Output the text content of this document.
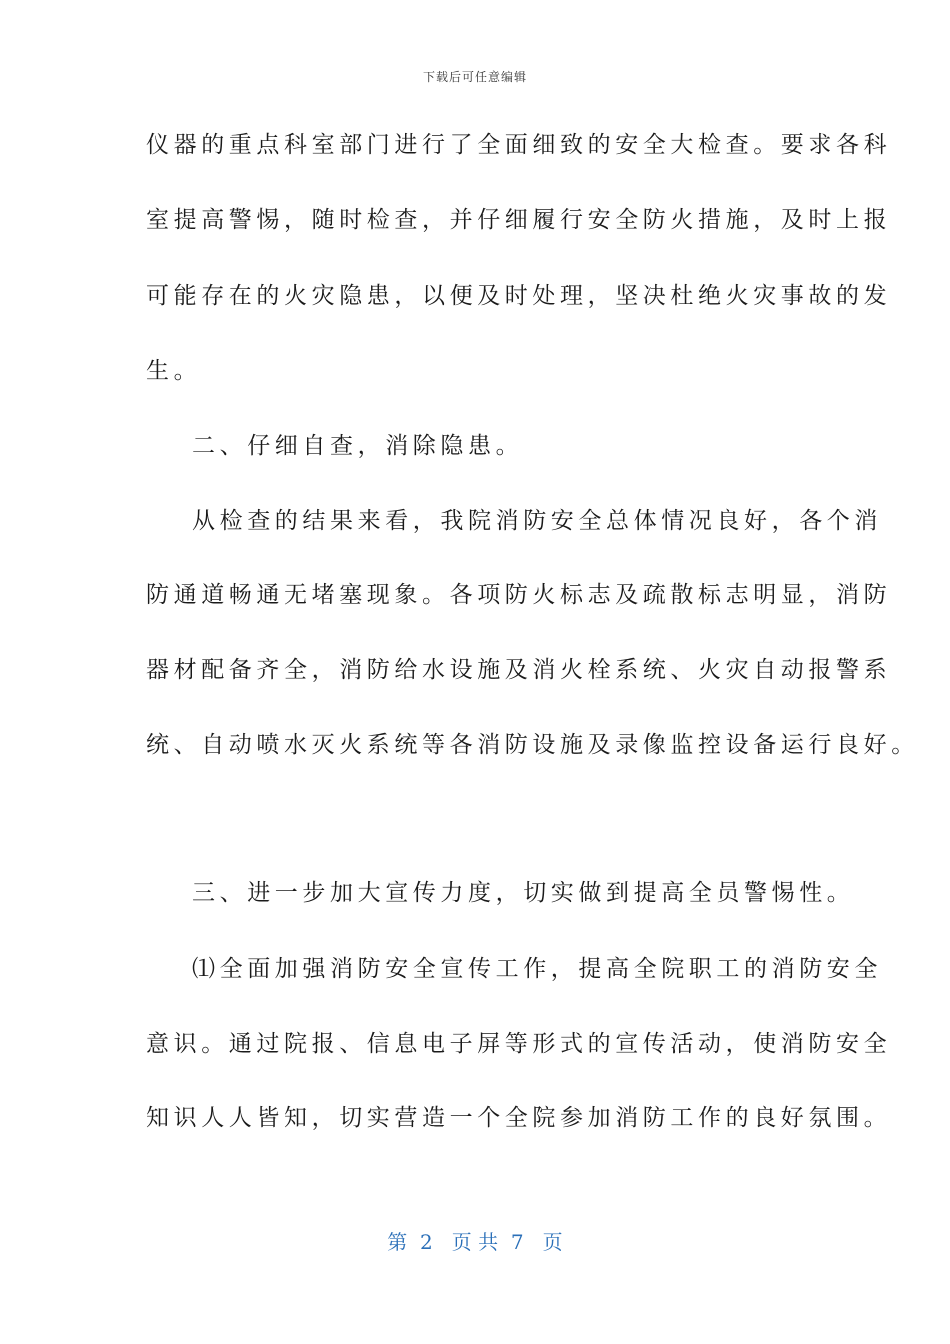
下载后可任意编辑
仪器的重点科室部门进行了全面细致的安全大检查。要求各科
室提高警惕，随时检查，并仔细履行安全防火措施，及时上报
可能存在的火灾隐患，以便及时处理，坚决杜绝火灾事故的发
生。
二、仔细自查，消除隐患。
从检查的结果来看，我院消防安全总体情况良好，各个消
防通道畅通无堵塞现象。各项防火标志及疏散标志明显，消防
器材配备齐全，消防给水设施及消火栓系统、火灾自动报警系
统、自动喷水灭火系统等各消防设施及录像监控设备运行良好。
三、进一步加大宣传力度，切实做到提高全员警惕性。
⑴全面加强消防安全宣传工作，提高全院职工的消防安全
意识。通过院报、信息电子屏等形式的宣传活动，使消防安全
知识人人皆知，切实营造一个全院参加消防工作的良好氛围。
第  2   页 共  7   页
